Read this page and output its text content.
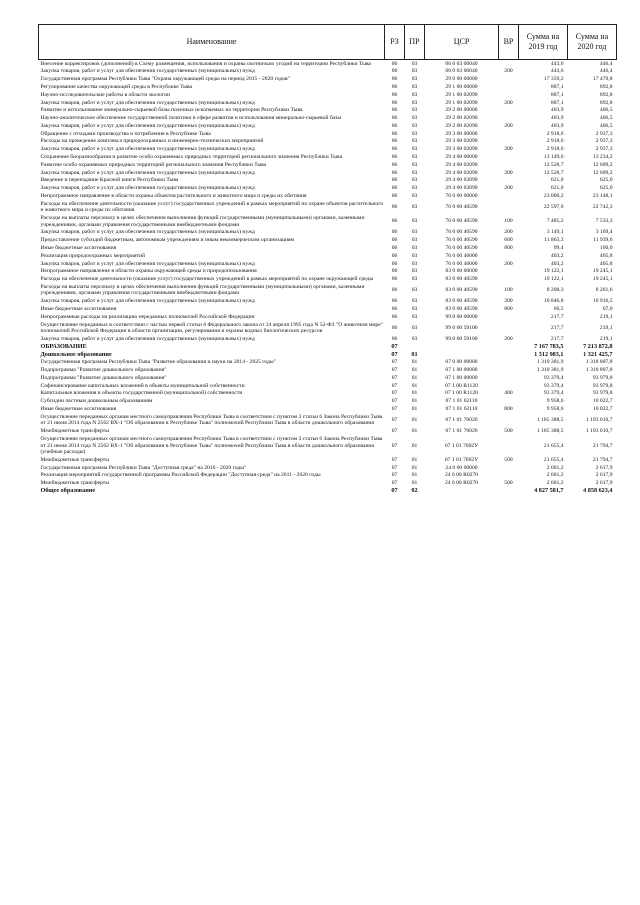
Наименование	РЗ	ПР	ЦСР	ВР	Сумма на 2019 год	Сумма на 2020 год
Внесение корректировок (дополнений) в Схему размещения, использования и охраны охотничьих угодий на территории Республики Тыва	06	03	06 0 03 06040		443,6	446,4
Закупка товаров, работ и услуг для обеспечения государственных (муниципальных) нужд	06	03	06 0 03 06040	200	443,6	446,4
Государственная программа Республики Тыва "Охрана окружающей среды на период 2015 - 2020 годов"	06	03	29 0 00 00000		17 359,2	17 470,8
Регулирование качества окружающей среды в Республике Тыва	06	03	29 1 00 00000		887,1	892,8
Научно-исследовательские работы в области экологии	06	03	29 1 00 02090		887,1	892,8
Закупка товаров, работ и услуг для обеспечения государственных (муниципальных) нужд	06	03	29 1 00 02090	200	887,1	892,8
Развитие и использование минерально-сырьевой базы полезных ископаемых на территории Республики Тыва	06	03	29 2 00 00000		403,9	406,5
Научно-аналитическое обеспечение государственной политики в сфере развития и использования минерально-сырьевой базы	06	03	29 2 00 02090		403,9	406,5
Закупка товаров, работ и услуг для обеспечения государственных (муниципальных) нужд	06	03	29 2 00 02090	200	403,9	406,5
Обращение с отходами производства и потребления в Республике Тыва	06	03	29 3 00 00000		2 918,6	2 937,3
Расходы на проведение комплекса природоохранных и инженерно-технических мероприятий	06	03	29 3 00 02090		2 918,6	2 937,3
Закупка товаров, работ и услуг для обеспечения государственных (муниципальных) нужд	06	03	29 3 00 02090	200	2 918,6	2 937,3
Сохранение биоразнообразия и развитие особо охраняемых природных территорий регионального значения Республики Тыва	06	03	29 4 00 00000		13 149,6	13 234,2
Развитие особо охраняемых природных территорий регионального значения Республики Тыва	06	03	29 4 00 02090		12 528,7	12 609,2
Закупка товаров, работ и услуг для обеспечения государственных (муниципальных) нужд	06	03	29 4 00 02090	200	12 528,7	12 609,2
Введение и переиздание Красной книги Республики Тыва	06	03	29 4 00 03090		621,0	625,0
Закупка товаров, работ и услуг для обеспечения государственных (муниципальных) нужд	06	03	29 4 00 03090	200	621,0	625,0
Непрограммное направление в области охраны объектов растительного и животного мира и среды их обитания	06	03	76 0 00 00000		23 000,2	23 148,1
Расходы на обеспечение деятельности (оказание услуг) государственных учреждений в рамках мероприятий по охране объектов растительного и животного мира и среды их обитания	06	03	76 0 00 40590		22 597,0	22 742,3
Расходы на выплаты персоналу в целях обеспечения выполнения функций государственными (муниципальными) органами, казенными учреждениями, органами управления государственными внебюджетными фондами	06	03	76 0 00 40590	100	7 485,2	7 533,3
Закупка товаров, работ и услуг для обеспечения государственных (муниципальных) нужд	06	03	76 0 00 40590	200	3 149,1	3 169,4
Предоставление субсидий бюджетным, автономным учреждениям и иным некоммерческим организациям	06	03	76 0 00 40590	600	11 863,3	11 939,6
Иные бюджетные ассигнования	06	03	76 0 00 40590	800	99,4	100,0
Реализация природоохранных мероприятий	06	03	76 0 00 46000		403,2	405,8
Закупка товаров, работ и услуг для обеспечения государственных (муниципальных) нужд	06	03	76 0 00 46000	200	403,2	405,8
Непрограммное направление в области охраны окружающей среды и природопользования	06	03	83 0 00 00000		19 122,1	19 245,1
Расходы на обеспечение деятельности (оказание услуг) государственных учреждений в рамках мероприятий по охране окружающей среды	06	03	83 0 00 40590		19 122,1	19 245,1
Расходы на выплаты персоналу в целях обеспечения выполнения функций государственными (муниципальными) органами, казенными учреждениями, органами управления государственными внебюджетными фондами	06	03	83 0 00 40590	100	8 208,3	8 261,6
Закупка товаров, работ и услуг для обеспечения государственных (муниципальных) нужд	06	03	83 0 00 40590	200	10 846,8	10 916,5
Иные бюджетные ассигнования	06	03	83 0 00 40590	800	66,5	67,0
Непрограммные расходы на реализацию переданных полномочий Российской Федерации	06	03	99 0 00 00000		217,7	219,1
Осуществление переданных в соответствии с частью первой статьи 6 Федерального закона от 24 апреля 1995 года N 52-ФЗ "О животном мире" полномочий Российской Федерации в области организации, регулирования и охраны водных биологических ресурсов	06	03	99 0 00 59100		217,7	219,1
Закупка товаров, работ и услуг для обеспечения государственных (муниципальных) нужд	06	03	99 0 00 59100	200	217,7	219,1
ОБРАЗОВАНИЕ	07				7 167 783,5	7 213 872,8
Дошкольное образование	07	01			1 312 983,1	1 321 425,7
Государственная программа Республики Тыва "Развитие образования и науки на 2014 - 2025 годы"	07	01	07 0 00 00000		1 310 381,9	1 318 807,8
Подпрограмма "Развитие дошкольного образования"	07	01	07 1 00 00000		1 310 381,9	1 318 807,8
Подпрограмма "Развитие дошкольного образования"	07	01	07 1 00 00000		93 379,4	93 979,8
Софинансирование капитальных вложений в объекты муниципальной собственности	07	01	07 1 00 R1120		93 379,4	93 979,8
Капитальные вложения в объекты государственной (муниципальной) собственности	07	01	07 1 00 R1120	400	93 379,4	93 979,8
Субсидии частным дошкольным образованиям	07	01	07 1 01 62110		9 958,6	10 022,7
Иные бюджетные ассигнования	07	01	07 1 01 62110	800	9 958,6	10 022,7
Осуществление переданных органам местного самоуправления Республики Тыва в соответствии с пунктом 3 статьи 6 Закона Республики Тыва от 21 июня 2014 года N 2562 ВХ-1 "Об образовании в Республике Тыва" полномочий Республики Тыва в области дошкольного образования	07	01	07 1 01 76020		1 185 388,5	1 193 010,7
Межбюджетные трансферты	07	01	07 1 01 76020	500	1 185 388,5	1 193 010,7
Осуществление переданных органам местного самоуправления Республики Тыва в соответствии с пунктом 3 статьи 6 Закона Республики Тыва от 21 июня 2014 года N 2562 ВХ-1 "Об образовании в Республике Тыва" полномочий Республики Тыва в области дошкольного образования (учебные расходы)	07	01	07 1 01 7602У		21 655,4	21 794,7
Межбюджетные трансферты	07	01	07 1 01 7602У	500	21 655,4	21 794,7
Государственная программа Республики Тыва "Доступная среда" на 2016 - 2020 годы"	07	01	24 0 00 00000		2 601,2	2 617,9
Реализация мероприятий государственной программы Российской Федерации "Доступная среда" на 2011 - 2020 годы	07	01	24 0 00 R0270		2 601,2	2 617,9
Межбюджетные трансферты	07	01	24 0 00 R0270	500	2 601,2	2 617,9
Общее образование	07	02			4 827 581,7	4 858 623,4
